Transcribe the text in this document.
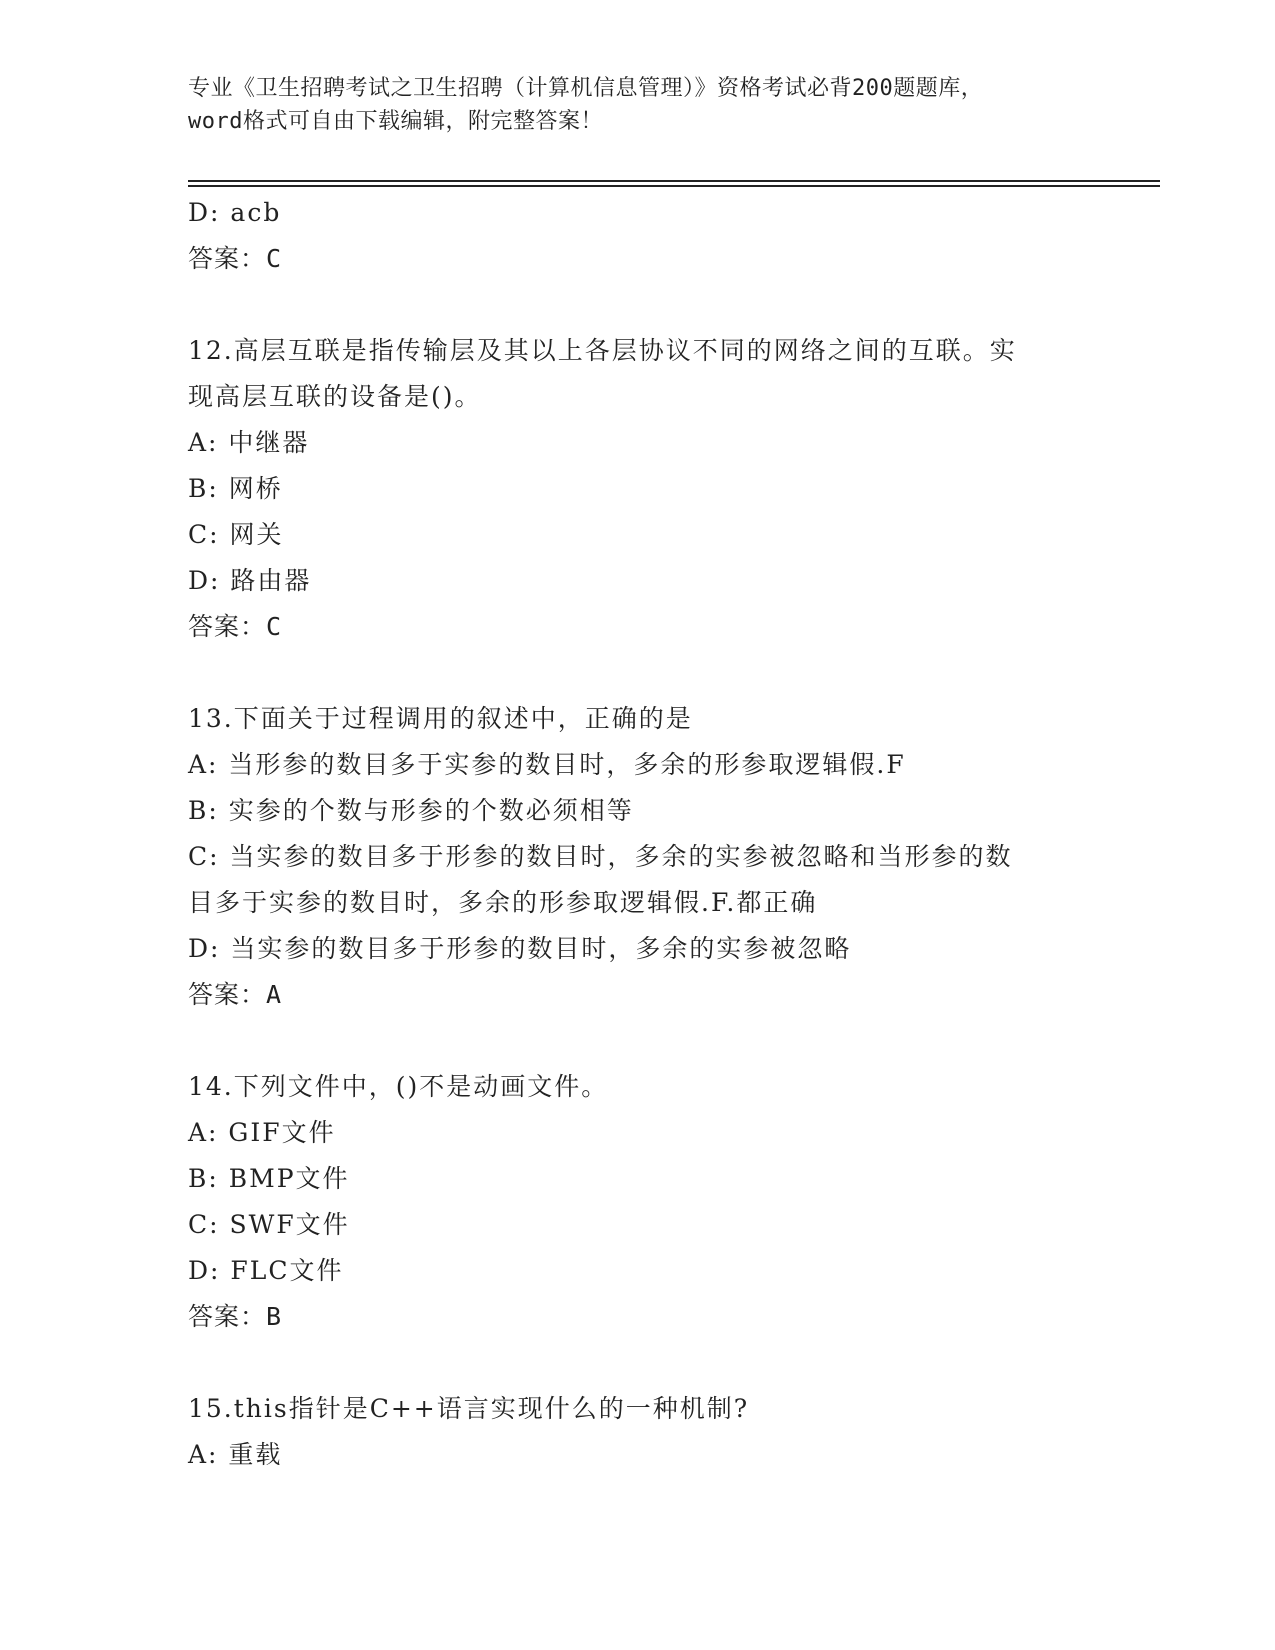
专业《卫生招聘考试之卫生招聘（计算机信息管理）》资格考试必背200题题库，
word格式可自由下载编辑，附完整答案！
D: acb
答案：C
12.高层互联是指传输层及其以上各层协议不同的网络之间的互联。实
现高层互联的设备是()。
A: 中继器
B: 网桥
C: 网关
D: 路由器
答案：C
13.下面关于过程调用的叙述中，正确的是
A: 当形参的数目多于实参的数目时，多余的形参取逻辑假.F
B: 实参的个数与形参的个数必须相等
C: 当实参的数目多于形参的数目时，多余的实参被忽略和当形参的数
目多于实参的数目时，多余的形参取逻辑假.F.都正确
D: 当实参的数目多于形参的数目时，多余的实参被忽略
答案：A
14.下列文件中，()不是动画文件。
A: GIF文件
B: BMP文件
C: SWF文件
D: FLC文件
答案：B
15.this指针是C++语言实现什么的一种机制?
A: 重载
